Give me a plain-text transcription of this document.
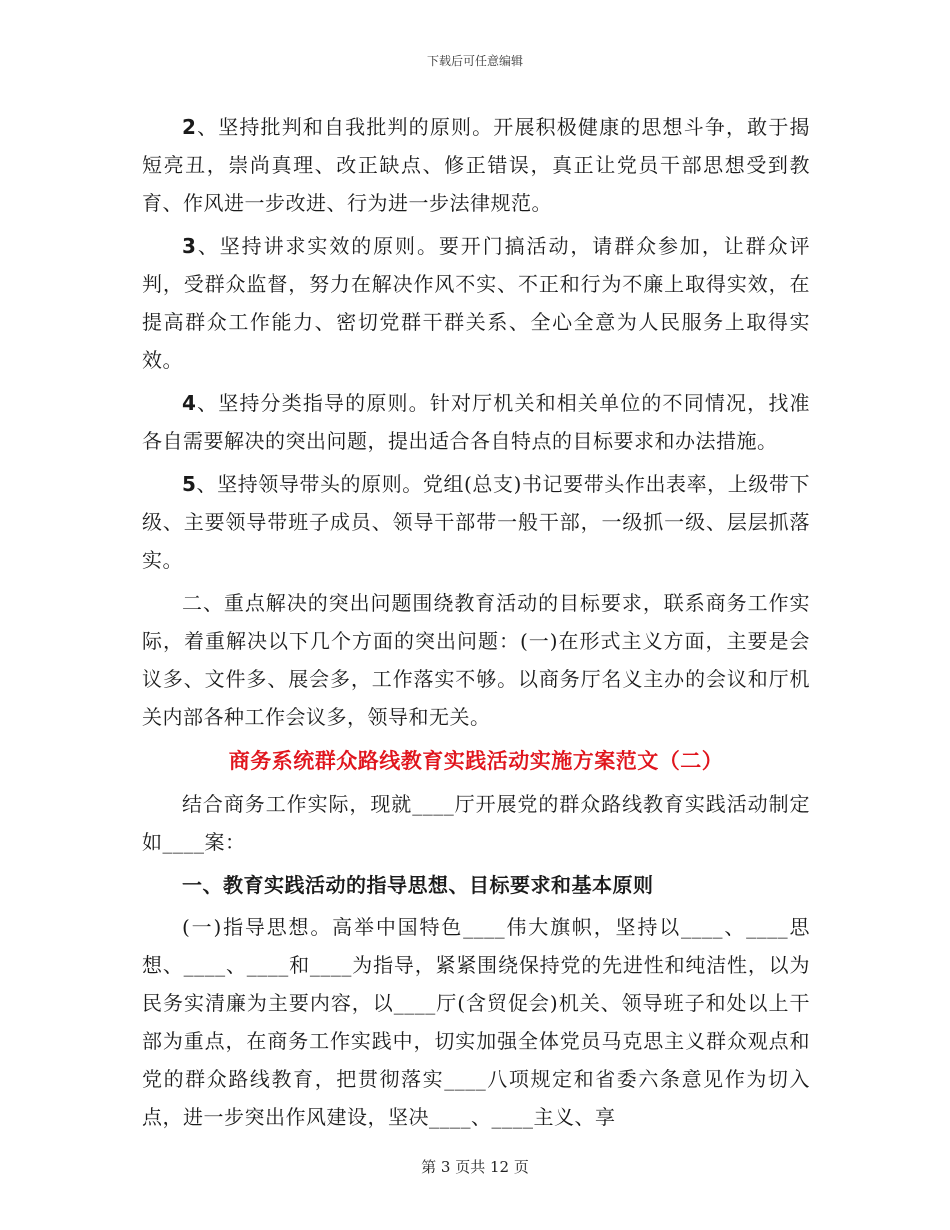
下载后可任意编辑

2、坚持批判和自我批判的原则。开展积极健康的思想斗争，敢于揭短亮丑，崇尚真理、改正缺点、修正错误，真正让党员干部思想受到教育、作风进一步改进、行为进一步法律规范。

3、坚持讲求实效的原则。要开门搞活动，请群众参加，让群众评判，受群众监督，努力在解决作风不实、不正和行为不廉上取得实效，在提高群众工作能力、密切党群干群关系、全心全意为人民服务上取得实效。

4、坚持分类指导的原则。针对厅机关和相关单位的不同情况，找准各自需要解决的突出问题，提出适合各自特点的目标要求和办法措施。

5、坚持领导带头的原则。党组(总支)书记要带头作出表率，上级带下级、主要领导带班子成员、领导干部带一般干部，一级抓一级、层层抓落实。

二、重点解决的突出问题围绕教育活动的目标要求，联系商务工作实际，着重解决以下几个方面的突出问题：(一)在形式主义方面，主要是会议多、文件多、展会多，工作落实不够。以商务厅名义主办的会议和厅机关内部各种工作会议多，领导和无关。

商务系统群众路线教育实践活动实施方案范文（二）

结合商务工作实际，现就____厅开展党的群众路线教育实践活动制定如____案：

一、教育实践活动的指导思想、目标要求和基本原则

(一)指导思想。高举中国特色____伟大旗帜，坚持以____、____思想、____、____和____为指导，紧紧围绕保持党的先进性和纯洁性，以为民务实清廉为主要内容，以____厅(含贸促会)机关、领导班子和处以上干部为重点，在商务工作实践中，切实加强全体党员马克思主义群众观点和党的群众路线教育，把贯彻落实____八项规定和省委六条意见作为切入点，进一步突出作风建设，坚决____、____主义、享

第 3 页共 12 页
